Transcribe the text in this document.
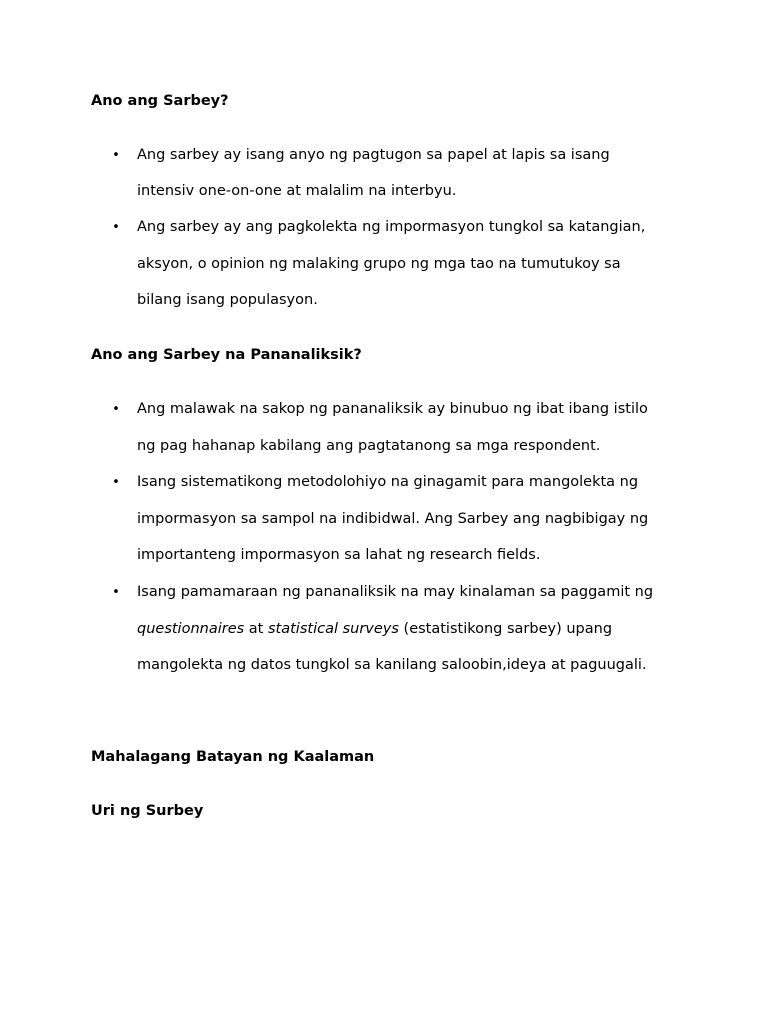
Ano ang Sarbey?
• Ang sarbey ay isang anyo ng pagtugon sa papel at lapis sa isang
intensiv one-on-one at malalim na interbyu.
• Ang sarbey ay ang pagkolekta ng impormasyon tungkol sa katangian,
aksyon, o opinion ng malaking grupo ng mga tao na tumutukoy sa
bilang isang populasyon.
Ano ang Sarbey na Pananaliksik?
• Ang malawak na sakop ng pananaliksik ay binubuo ng ibat ibang istilo
ng pag hahanap kabilang ang pagtatanong sa mga respondent.
• Isang sistematikong metodolohiyo na ginagamit para mangolekta ng
impormasyon sa sampol na indibidwal. Ang Sarbey ang nagbibigay ng
importanteng impormasyon sa lahat ng research fields.
• Isang pamamaraan ng pananaliksik na may kinalaman sa paggamit ng
questionnaires at statistical surveys (estatistikong sarbey) upang
mangolekta ng datos tungkol sa kanilang saloobin,ideya at paguugali.
Mahalagang Batayan ng Kaalaman
Uri ng Surbey
